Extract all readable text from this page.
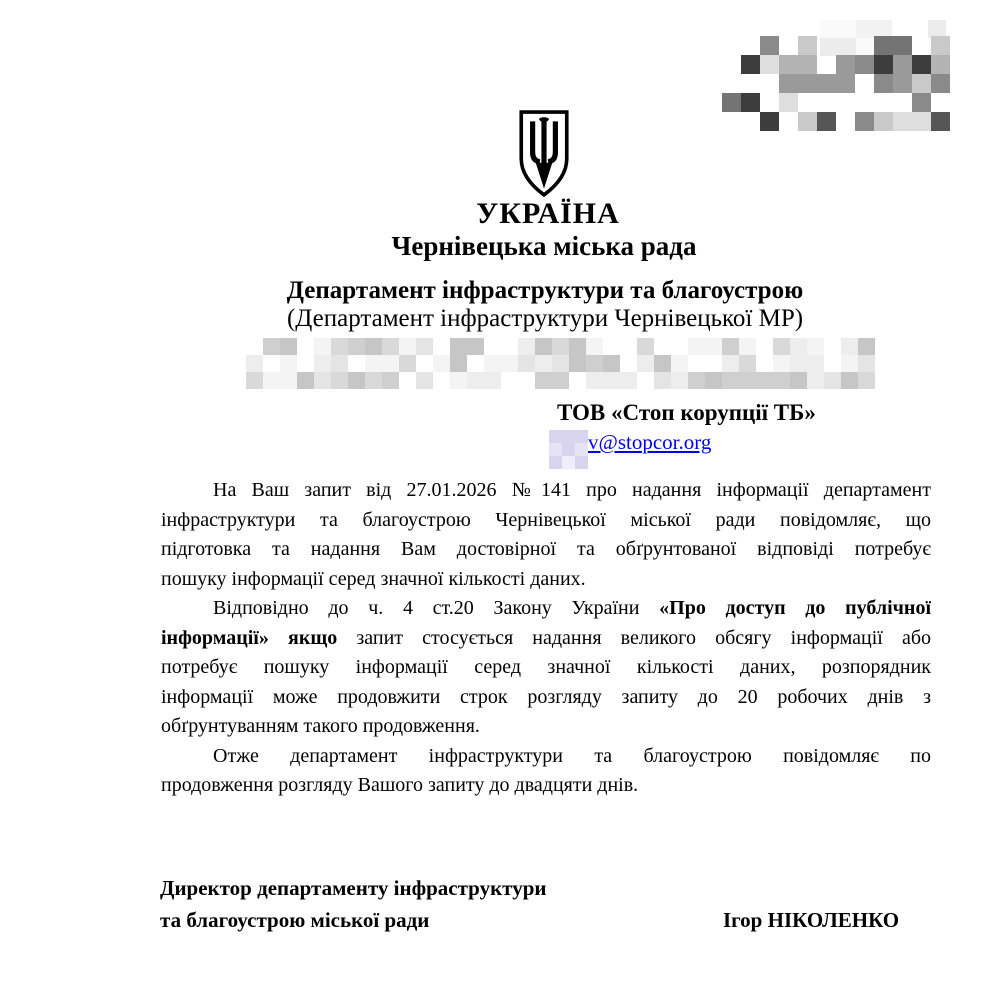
УКРАЇНА
Чернівецька міська рада
Департамент інфраструктури та благоустрою
(Департамент інфраструктури Чернівецької МР)
ТОВ «Стоп корупції ТБ»
v@stopcor.org
На Ваш запит від 27.01.2026 №141 про надання інформації департамент
інфраструктури та благоустрою Чернівецької міської ради повідомляє, що
підготовка та надання Вам достовірної та обґрунтованої відповіді потребує
пошуку інформації серед значної кількості даних.
Відповідно до ч. 4 ст.20 Закону України «Про доступ до публічної
інформації» якщо запит стосується надання великого обсягу інформації або
потребує пошуку інформації серед значної кількості даних, розпорядник
інформації може продовжити строк розгляду запиту до 20 робочих днів з
обґрунтуванням такого продовження.
Отже департамент інфраструктури та благоустрою повідомляє по
продовження розгляду Вашого запиту до двадцяти днів.
Директор департаменту інфраструктури
та благоустрою міської ради	Ігор НІКОЛЕНКО
